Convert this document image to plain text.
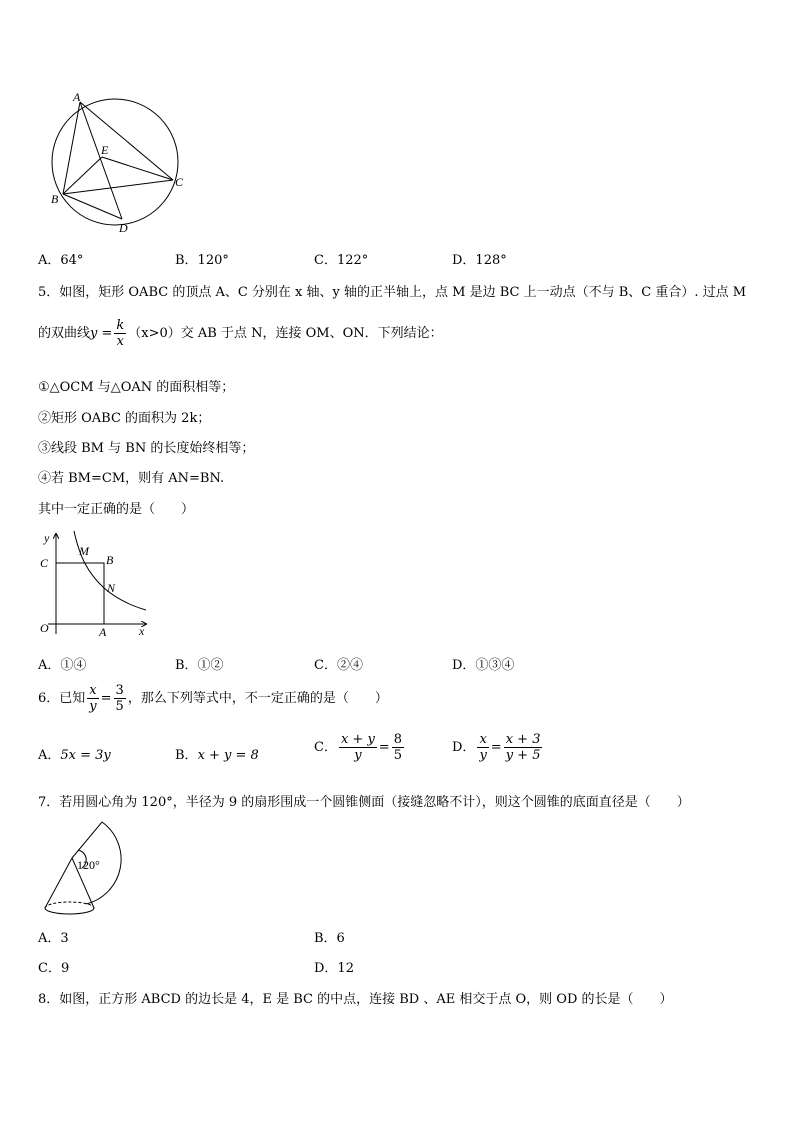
A
E
C
B
D
A．64°	B．120°	C．122°	D．128°
5．如图，矩形 OABC 的顶点 A、C 分别在 x 轴、y 轴的正半轴上，点 M 是边 BC 上一动点（不与 B、C 重合）. 过点 M
的双曲线$y = \frac{k}{x} (x>0)$交 AB 于点 N，连接 OM、ON．下列结论：
①△OCM 与△OAN 的面积相等；
②矩形 OABC 的面积为 2k；
③线段 BM 与 BN 的长度始终相等；
④若 BM=CM，则有 AN=BN.
其中一定正确的是（　　）
y
C
M
B
N
O	A	x
A．①④	B．①②	C．②④	D．①③④
6．已知 $\frac{x}{y} = \frac{3}{5}$ ，那么下列等式中，不一定正确的是（　　）
A．5x = 3y	B．x + y = 8
C． $\frac{x + y}{y} = \frac{8}{5}$	D． $\frac{x}{y} = \frac{x + 3}{y + 5}$
7．若用圆心角为 120°，半径为 9 的扇形围成一个圆锥侧面（接缝忽略不计），则这个圆锥的底面直径是（　　）
120°
A．3	B．6
C．9	D．12
8．如图，正方形 ABCD 的边长是 4，E 是 BC 的中点，连接 BD 、AE 相交于点 O，则 OD 的长是（　　）
